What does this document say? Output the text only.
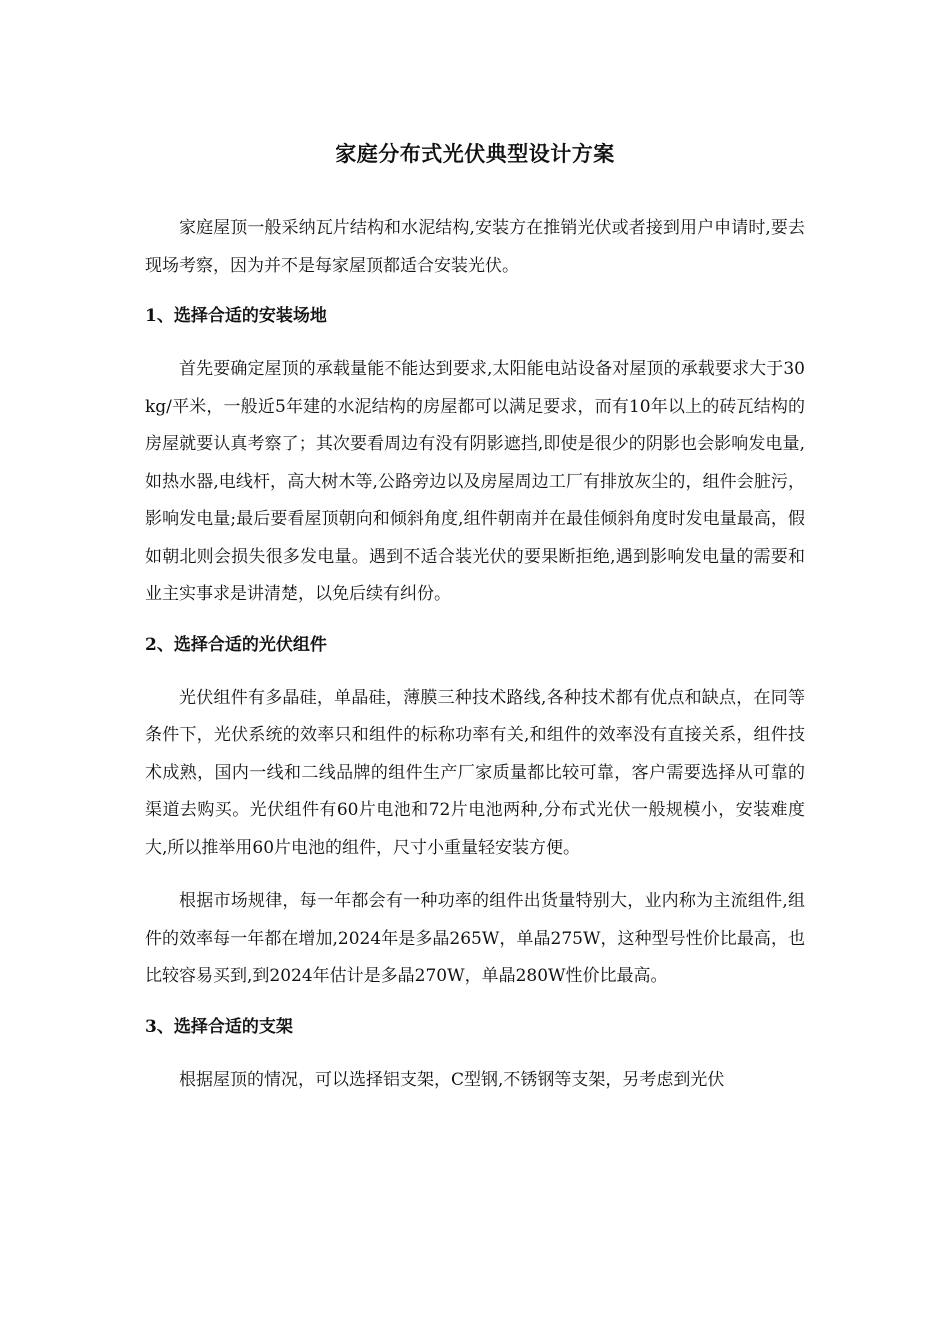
家庭分布式光伏典型设计方案

家庭屋顶一般采纳瓦片结构和水泥结构,安装方在推销光伏或者接到用户申请时,要去现场考察，因为并不是每家屋顶都适合安装光伏。

1、选择合适的安装场地

首先要确定屋顶的承载量能不能达到要求,太阳能电站设备对屋顶的承载要求大于30kg/平米，一般近5年建的水泥结构的房屋都可以满足要求，而有10年以上的砖瓦结构的房屋就要认真考察了；其次要看周边有没有阴影遮挡,即使是很少的阴影也会影响发电量,如热水器,电线杆，高大树木等,公路旁边以及房屋周边工厂有排放灰尘的，组件会脏污，影响发电量;最后要看屋顶朝向和倾斜角度,组件朝南并在最佳倾斜角度时发电量最高，假如朝北则会损失很多发电量。遇到不适合装光伏的要果断拒绝,遇到影响发电量的需要和业主实事求是讲清楚，以免后续有纠份。

2、选择合适的光伏组件

光伏组件有多晶硅，单晶硅，薄膜三种技术路线,各种技术都有优点和缺点，在同等条件下，光伏系统的效率只和组件的标称功率有关,和组件的效率没有直接关系，组件技术成熟，国内一线和二线品牌的组件生产厂家质量都比较可靠，客户需要选择从可靠的渠道去购买。光伏组件有60片电池和72片电池两种,分布式光伏一般规模小，安装难度大,所以推举用60片电池的组件，尺寸小重量轻安装方便。

根据市场规律，每一年都会有一种功率的组件出货量特别大，业内称为主流组件,组件的效率每一年都在增加,2024年是多晶265W，单晶275W，这种型号性价比最高，也比较容易买到,到2024年估计是多晶270W，单晶280W性价比最高。

3、选择合适的支架

根据屋顶的情况，可以选择铝支架，C型钢,不锈钢等支架，另考虑到光伏
